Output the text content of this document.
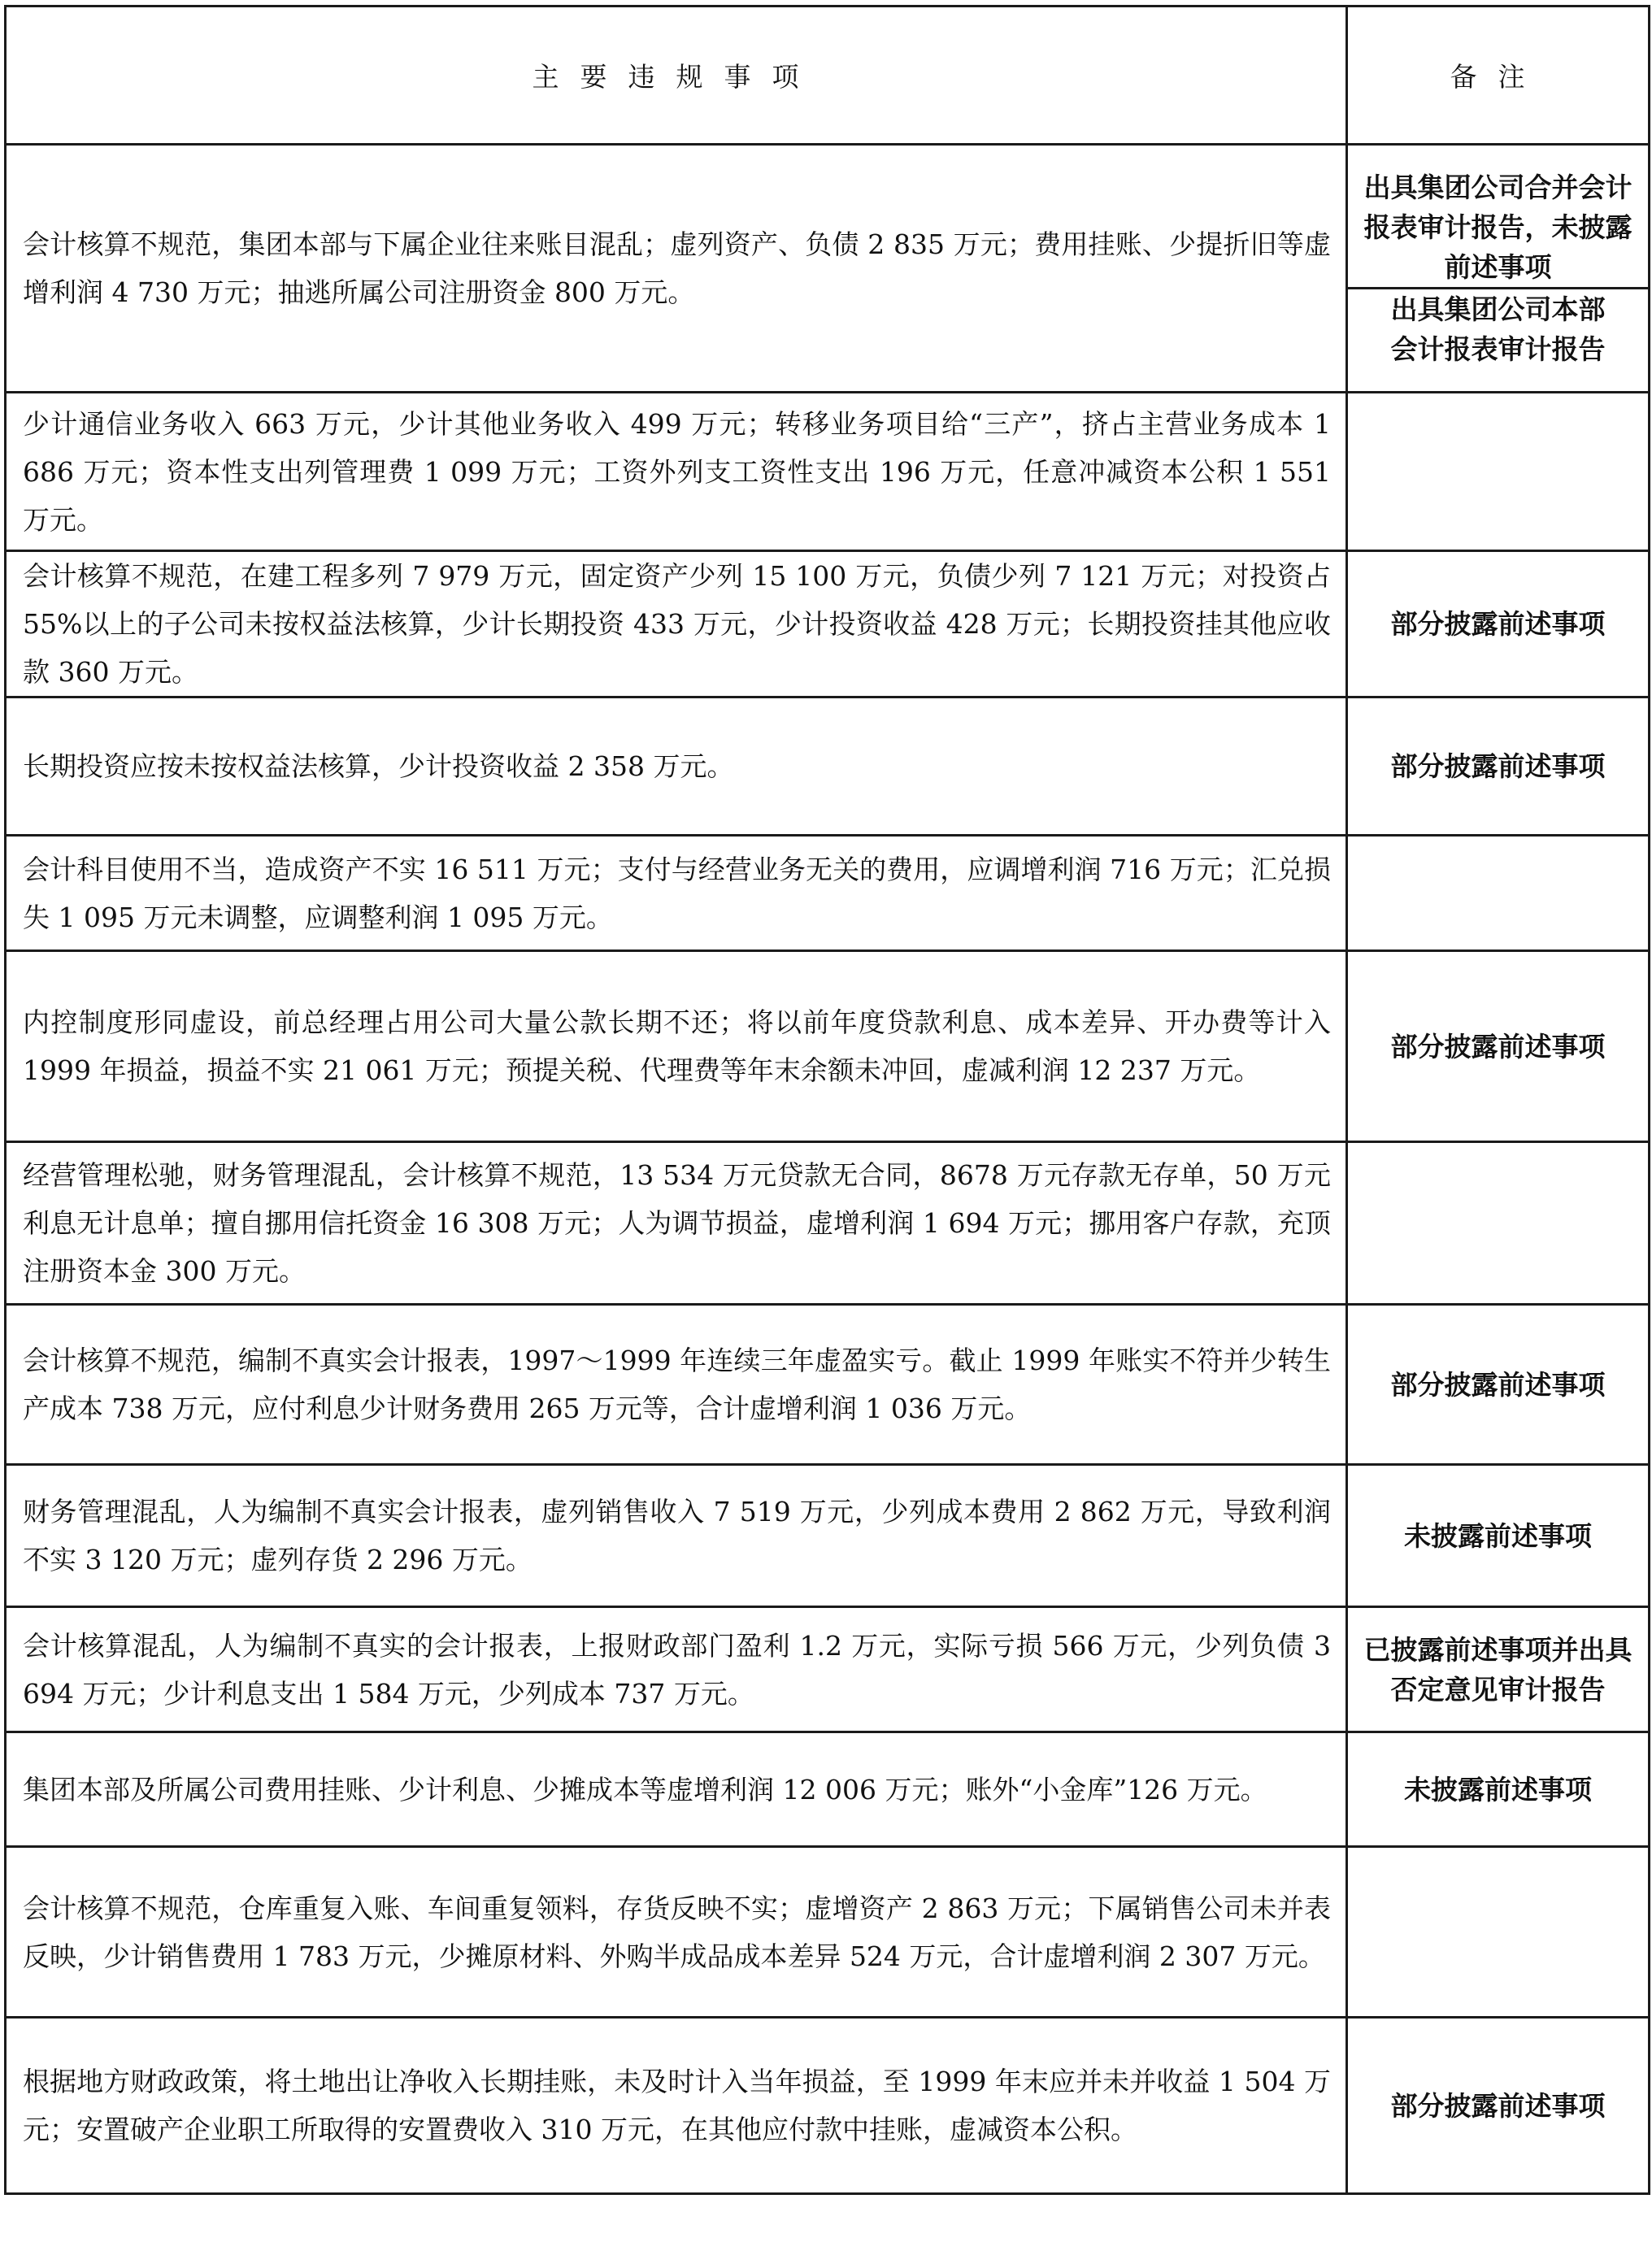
主要违规事项	备注
会计核算不规范，集团本部与下属企业往来账目混乱；虚列资产、负债 2 835 万元；费用挂账、少提折旧等虚增利润 4 730 万元；抽逃所属公司注册资金 800 万元。	出具集团公司合并会计报表审计报告，未披露前述事项
出具集团公司本部会计报表审计报告

少计通信业务收入 663 万元，少计其他业务收入 499 万元；转移业务项目给“三产”，挤占主营业务成本 1 686 万元；资本性支出列管理费 1 099 万元；工资外列支工资性支出 196 万元，任意冲减资本公积 1 551 万元。	
会计核算不规范，在建工程多列 7 979 万元，固定资产少列 15 100 万元，负债少列 7 121 万元；对投资占 55%以上的子公司未按权益法核算，少计长期投资 433 万元，少计投资收益 428 万元；长期投资挂其他应收款 360 万元。	部分披露前述事项
长期投资应按未按权益法核算，少计投资收益 2 358 万元。	部分披露前述事项
会计科目使用不当，造成资产不实 16 511 万元；支付与经营业务无关的费用，应调增利润 716 万元；汇兑损失 1 095 万元未调整，应调整利润 1 095 万元。	
内控制度形同虚设，前总经理占用公司大量公款长期不还；将以前年度贷款利息、成本差异、开办费等计入 1999 年损益，损益不实 21 061 万元；预提关税、代理费等年末余额未冲回，虚减利润 12 237 万元。	部分披露前述事项
经营管理松驰，财务管理混乱，会计核算不规范，13 534 万元贷款无合同，8678 万元存款无存单，50 万元利息无计息单；擅自挪用信托资金 16 308 万元；人为调节损益，虚增利润 1 694 万元；挪用客户存款，充顶注册资本金 300 万元。	
会计核算不规范，编制不真实会计报表，1997～1999 年连续三年虚盈实亏。截止 1999 年账实不符并少转生产成本 738 万元，应付利息少计财务费用 265 万元等，合计虚增利润 1 036 万元。	部分披露前述事项
财务管理混乱，人为编制不真实会计报表，虚列销售收入 7 519 万元，少列成本费用 2 862 万元，导致利润不实 3 120 万元；虚列存货 2 296 万元。	未披露前述事项
会计核算混乱，人为编制不真实的会计报表，上报财政部门盈利 1.2 万元，实际亏损 566 万元，少列负债 3 694 万元；少计利息支出 1 584 万元，少列成本 737 万元。	已披露前述事项并出具否定意见审计报告
集团本部及所属公司费用挂账、少计利息、少摊成本等虚增利润 12 006 万元；账外“小金库”126 万元。	未披露前述事项
会计核算不规范，仓库重复入账、车间重复领料，存货反映不实；虚增资产 2 863 万元；下属销售公司未并表反映，少计销售费用 1 783 万元，少摊原材料、外购半成品成本差异 524 万元，合计虚增利润 2 307 万元。	
根据地方财政政策，将土地出让净收入长期挂账，未及时计入当年损益，至 1999 年末应并未并收益 1 504 万元；安置破产企业职工所取得的安置费收入 310 万元，在其他应付款中挂账，虚减资本公积。	部分披露前述事项
